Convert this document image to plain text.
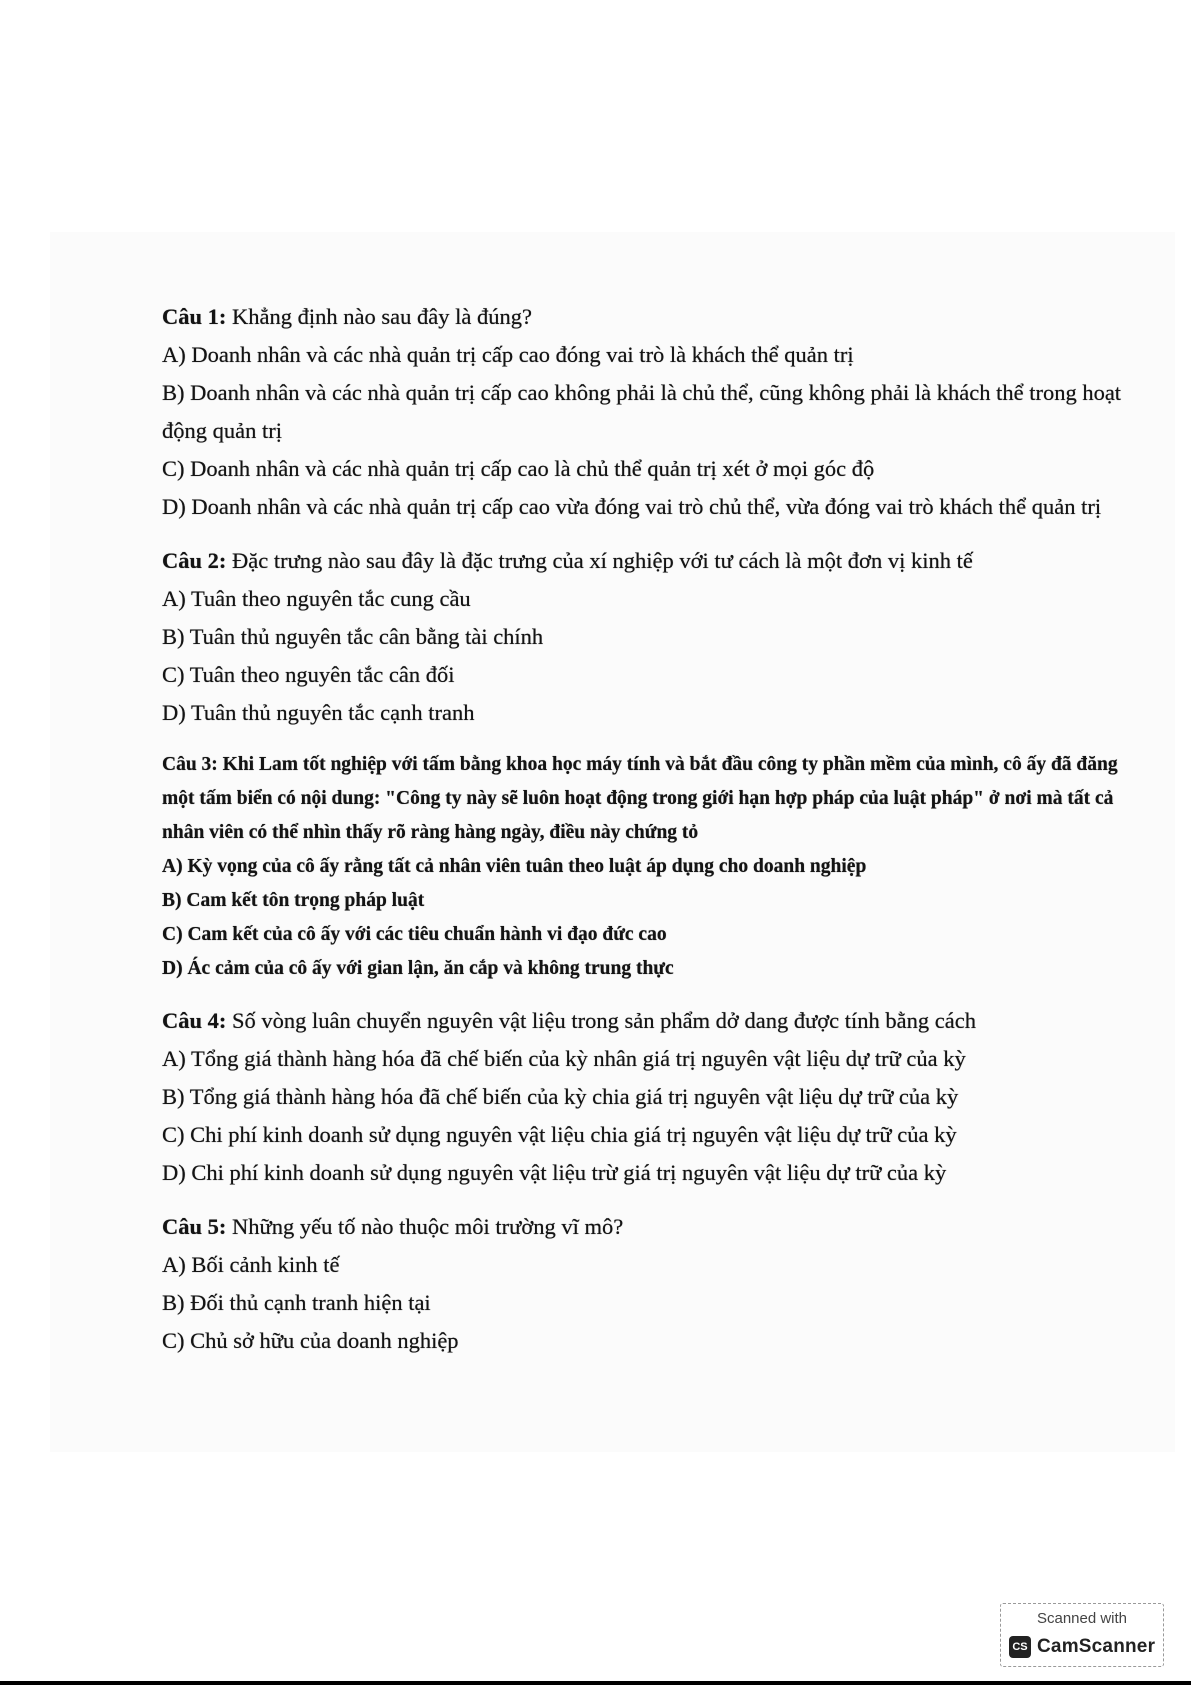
Câu 1: Khẳng định nào sau đây là đúng?
A) Doanh nhân và các nhà quản trị cấp cao đóng vai trò là khách thể quản trị
B) Doanh nhân và các nhà quản trị cấp cao không phải là chủ thể, cũng không phải là khách thể trong hoạt động quản trị
C) Doanh nhân và các nhà quản trị cấp cao là chủ thể quản trị xét ở mọi góc độ
D) Doanh nhân và các nhà quản trị cấp cao vừa đóng vai trò chủ thể, vừa đóng vai trò khách thể quản trị
Câu 2: Đặc trưng nào sau đây là đặc trưng của xí nghiệp với tư cách là một đơn vị kinh tế
A) Tuân theo nguyên tắc cung cầu
B) Tuân thủ nguyên tắc cân bằng tài chính
C) Tuân theo nguyên tắc cân đối
D) Tuân thủ nguyên tắc cạnh tranh
Câu 3: Khi Lam tốt nghiệp với tấm bằng khoa học máy tính và bắt đầu công ty phần mềm của mình, cô ấy đã đăng một tấm biển có nội dung: "Công ty này sẽ luôn hoạt động trong giới hạn hợp pháp của luật pháp" ở nơi mà tất cả nhân viên có thể nhìn thấy rõ ràng hàng ngày, điều này chứng tỏ
A) Kỳ vọng của cô ấy rằng tất cả nhân viên tuân theo luật áp dụng cho doanh nghiệp
B) Cam kết tôn trọng pháp luật
C) Cam kết của cô ấy với các tiêu chuẩn hành vi đạo đức cao
D) Ác cảm của cô ấy với gian lận, ăn cắp và không trung thực
Câu 4: Số vòng luân chuyển nguyên vật liệu trong sản phẩm dở dang được tính bằng cách
A) Tổng giá thành hàng hóa đã chế biến của kỳ nhân giá trị nguyên vật liệu dự trữ của kỳ
B) Tổng giá thành hàng hóa đã chế biến của kỳ chia giá trị nguyên vật liệu dự trữ của kỳ
C) Chi phí kinh doanh sử dụng nguyên vật liệu chia giá trị nguyên vật liệu dự trữ của kỳ
D) Chi phí kinh doanh sử dụng nguyên vật liệu trừ giá trị nguyên vật liệu dự trữ của kỳ
Câu 5: Những yếu tố nào thuộc môi trường vĩ mô?
A) Bối cảnh kinh tế
B) Đối thủ cạnh tranh hiện tại
C) Chủ sở hữu của doanh nghiệp
Scanned with
CS CamScanner
